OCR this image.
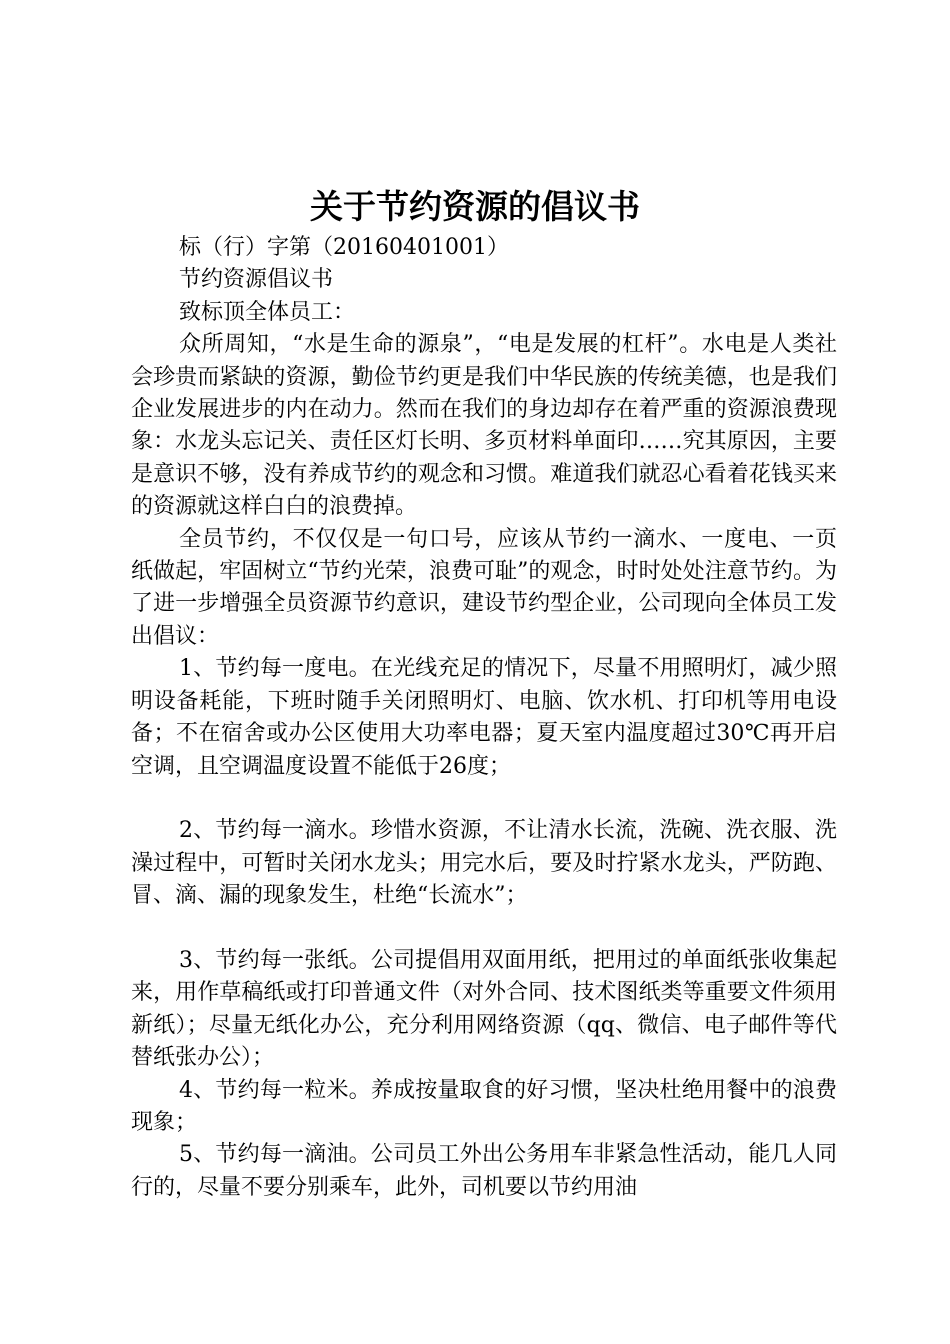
关于节约资源的倡议书

标（行）字第（20160401001）

节约资源倡议书

致标顶全体员工：

众所周知，“水是生命的源泉”，“电是发展的杠杆”。水电是人类社会珍贵而紧缺的资源，勤俭节约更是我们中华民族的传统美德，也是我们企业发展进步的内在动力。然而在我们的身边却存在着严重的资源浪费现象：水龙头忘记关、责任区灯长明、多页材料单面印……究其原因，主要是意识不够，没有养成节约的观念和习惯。难道我们就忍心看着花钱买来的资源就这样白白的浪费掉。

全员节约，不仅仅是一句口号，应该从节约一滴水、一度电、一页纸做起，牢固树立“节约光荣，浪费可耻”的观念，时时处处注意节约。为了进一步增强全员资源节约意识，建设节约型企业，公司现向全体员工发出倡议：

1、节约每一度电。在光线充足的情况下，尽量不用照明灯，减少照明设备耗能，下班时随手关闭照明灯、电脑、饮水机、打印机等用电设备；不在宿舍或办公区使用大功率电器；夏天室内温度超过30℃再开启空调，且空调温度设置不能低于26度；

2、节约每一滴水。珍惜水资源，不让清水长流，洗碗、洗衣服、洗澡过程中，可暂时关闭水龙头；用完水后，要及时拧紧水龙头，严防跑、冒、滴、漏的现象发生，杜绝“长流水”；

3、节约每一张纸。公司提倡用双面用纸，把用过的单面纸张收集起来，用作草稿纸或打印普通文件（对外合同、技术图纸类等重要文件须用新纸）；尽量无纸化办公，充分利用网络资源（qq、微信、电子邮件等代替纸张办公）；

4、节约每一粒米。养成按量取食的好习惯，坚决杜绝用餐中的浪费现象；

5、节约每一滴油。公司员工外出公务用车非紧急性活动，能几人同行的，尽量不要分别乘车，此外，司机要以节约用油
